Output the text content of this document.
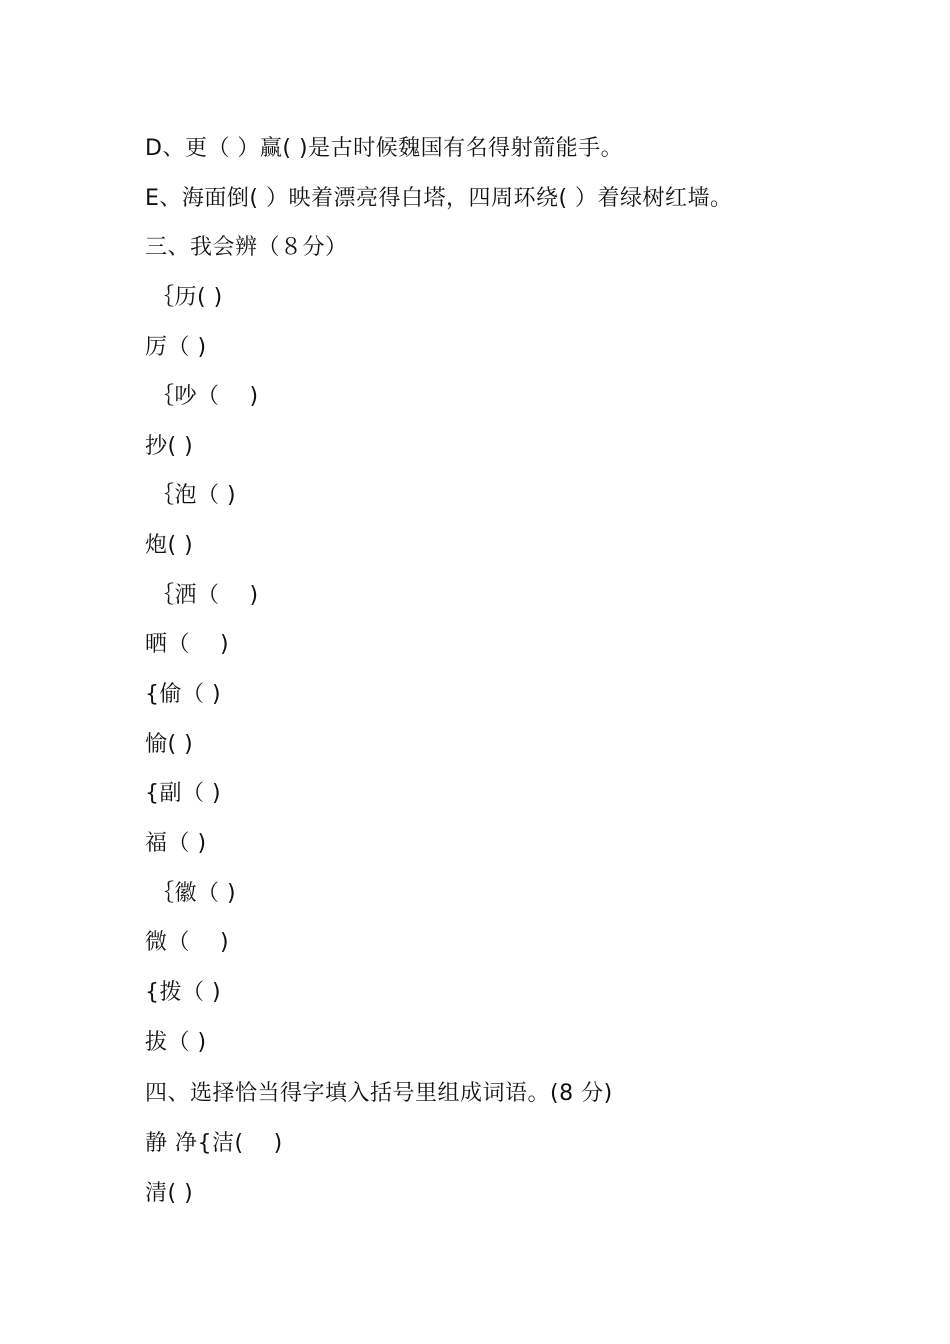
D、更（ ）赢( )是古时候魏国有名得射箭能手。
E、海面倒( ）映着漂亮得白塔，四周环绕( ）着绿树红墙。
三、我会辨（８分）
｛历( )
厉（ )
｛吵（　 )
抄( )
｛泡（ )
炮( )
｛洒（　 )
晒（　 )
{偷（ )
愉( )
{副（ )
福（ )
｛徽（ )
微（　 )
{拨（ )
拔（ )
四、选择恰当得字填入括号里组成词语。(8 分)
静 净{洁(　 )
清( )
